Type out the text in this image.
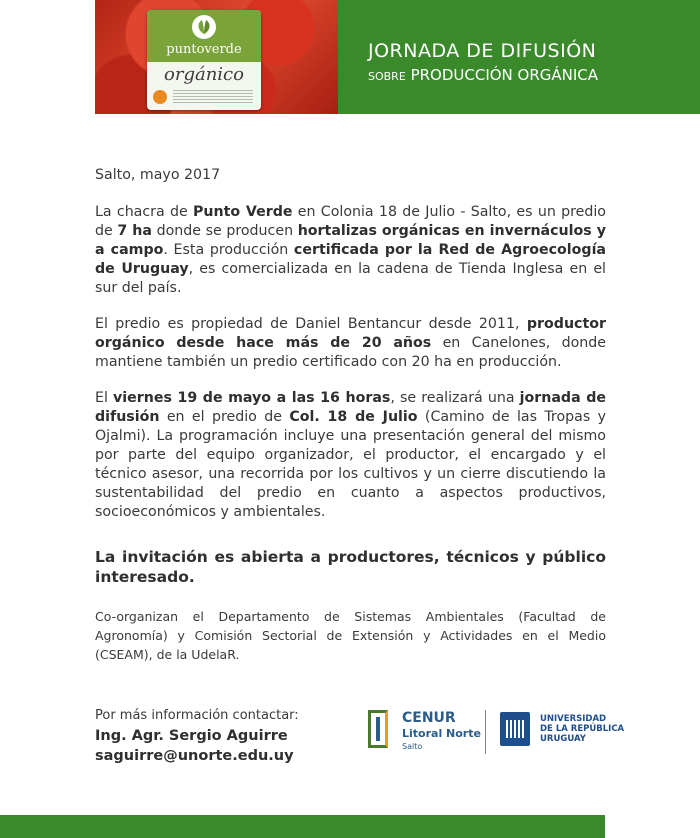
puntoverde
orgánico
JORNADA DE DIFUSIÓN
SOBRE PRODUCCIÓN ORGÁNICA

Salto, mayo 2017

La chacra de Punto Verde en Colonia 18 de Julio - Salto, es un predio de 7 ha donde se producen hortalizas orgánicas en invernáculos y a campo. Esta producción certificada por la Red de Agroecología de Uruguay, es comercializada en la cadena de Tienda Inglesa en el sur del país.

El predio es propiedad de Daniel Bentancur desde 2011, productor orgánico desde hace más de 20 años en Canelones, donde mantiene también un predio certificado con 20 ha en producción.

El viernes 19 de mayo a las 16 horas, se realizará una jornada de difusión en el predio de Col. 18 de Julio (Camino de las Tropas y Ojalmi). La programación incluye una presentación general del mismo por parte del equipo organizador, el productor, el encargado y el técnico asesor, una recorrida por los cultivos y un cierre discutiendo la sustentabilidad del predio en cuanto a aspectos productivos, socioeconómicos y ambientales.

La invitación es abierta a productores, técnicos y público interesado.

Co-organizan el Departamento de Sistemas Ambientales (Facultad de Agronomía) y Comisión Sectorial de Extensión y Actividades en el Medio (CSEAM), de la UdelaR.

Por más información contactar:
Ing. Agr. Sergio Aguirre
saguirre@unorte.edu.uy
CENUR
Litoral Norte
Salto
UNIVERSIDAD
DE LA REPÚBLICA
URUGUAY
